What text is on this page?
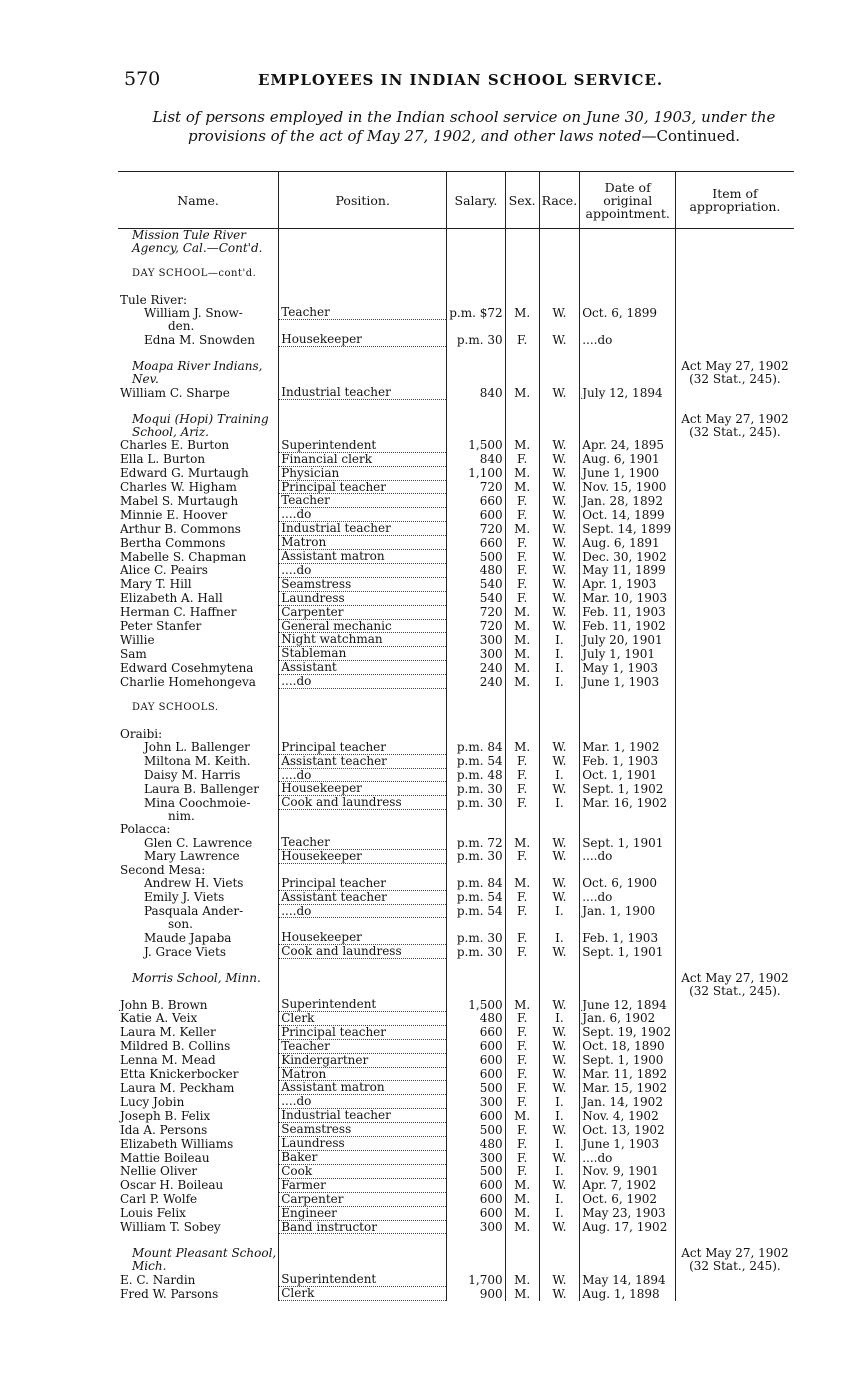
570	EMPLOYEES IN INDIAN SCHOOL SERVICE.
List of persons employed in the Indian school service on June 30, 1903, under the provisions of the act of May 27, 1902, and other laws noted—Continued.
Name.	Position.	Salary.	Sex.	Race.	Date of original appointment.	Item of appropriation.
Mission Tule River						
Agency, Cal.—Cont'd.						

DAY SCHOOL—cont'd.						

Tule River:						
William J. Snow-	Teacher	p.m. $72	M.	W.	Oct. 6, 1899	
den.						
Edna M. Snowden	Housekeeper	p.m. 30	F.	W.	....do	

Moapa River Indians,						Act May 27, 1902
Nev.						(32 Stat., 245).
William C. Sharpe	Industrial teacher	840	M.	W.	July 12, 1894	

Moqui (Hopi) Training						Act May 27, 1902
School, Ariz.						(32 Stat., 245).
Charles E. Burton	Superintendent	1,500	M.	W.	Apr. 24, 1895	
Ella L. Burton	Financial clerk	840	F.	W.	Aug. 6, 1901	
Edward G. Murtaugh	Physician	1,100	M.	W.	June 1, 1900	
Charles W. Higham	Principal teacher	720	M.	W.	Nov. 15, 1900	
Mabel S. Murtaugh	Teacher	660	F.	W.	Jan. 28, 1892	
Minnie E. Hoover	....do	600	F.	W.	Oct. 14, 1899	
Arthur B. Commons	Industrial teacher	720	M.	W.	Sept. 14, 1899	
Bertha Commons	Matron	660	F.	W.	Aug. 6, 1891	
Mabelle S. Chapman	Assistant matron	500	F.	W.	Dec. 30, 1902	
Alice C. Peairs	....do	480	F.	W.	May 11, 1899	
Mary T. Hill	Seamstress	540	F.	W.	Apr. 1, 1903	
Elizabeth A. Hall	Laundress	540	F.	W.	Mar. 10, 1903	
Herman C. Haffner	Carpenter	720	M.	W.	Feb. 11, 1903	
Peter Stanfer	General mechanic	720	M.	W.	Feb. 11, 1902	
Willie	Night watchman	300	M.	I.	July 20, 1901	
Sam	Stableman	300	M.	I.	July 1, 1901	
Edward Cosehmytena	Assistant	240	M.	I.	May 1, 1903	
Charlie Homehongeva	....do	240	M.	I.	June 1, 1903	

DAY SCHOOLS.						

Oraibi:						
John L. Ballenger	Principal teacher	p.m. 84	M.	W.	Mar. 1, 1902	
Miltona M. Keith.	Assistant teacher	p.m. 54	F.	W.	Feb. 1, 1903	
Daisy M. Harris	....do	p.m. 48	F.	I.	Oct. 1, 1901	
Laura B. Ballenger	Housekeeper	p.m. 30	F.	W.	Sept. 1, 1902	
Mina Coochmoie-	Cook and laundress	p.m. 30	F.	I.	Mar. 16, 1902	
nim.						
Polacca:						
Glen C. Lawrence	Teacher	p.m. 72	M.	W.	Sept. 1, 1901	
Mary Lawrence	Housekeeper	p.m. 30	F.	W.	....do	
Second Mesa:						
Andrew H. Viets	Principal teacher	p.m. 84	M.	W.	Oct. 6, 1900	
Emily J. Viets	Assistant teacher	p.m. 54	F.	W.	....do	
Pasquala Ander-	....do	p.m. 54	F.	I.	Jan. 1, 1900	
son.						
Maude Japaba	Housekeeper	p.m. 30	F.	I.	Feb. 1, 1903	
J. Grace Viets	Cook and laundress	p.m. 30	F.	W.	Sept. 1, 1901	

Morris School, Minn.						Act May 27, 1902
						(32 Stat., 245).
John B. Brown	Superintendent	1,500	M.	W.	June 12, 1894	
Katie A. Veix	Clerk	480	F.	I.	Jan. 6, 1902	
Laura M. Keller	Principal teacher	660	F.	W.	Sept. 19, 1902	
Mildred B. Collins	Teacher	600	F.	W.	Oct. 18, 1890	
Lenna M. Mead	Kindergartner	600	F.	W.	Sept. 1, 1900	
Etta Knickerbocker	Matron	600	F.	W.	Mar. 11, 1892	
Laura M. Peckham	Assistant matron	500	F.	W.	Mar. 15, 1902	
Lucy Jobin	....do	300	F.	I.	Jan. 14, 1902	
Joseph B. Felix	Industrial teacher	600	M.	I.	Nov. 4, 1902	
Ida A. Persons	Seamstress	500	F.	W.	Oct. 13, 1902	
Elizabeth Williams	Laundress	480	F.	I.	June 1, 1903	
Mattie Boileau	Baker	300	F.	W.	....do	
Nellie Oliver	Cook	500	F.	I.	Nov. 9, 1901	
Oscar H. Boileau	Farmer	600	M.	W.	Apr. 7, 1902	
Carl P. Wolfe	Carpenter	600	M.	I.	Oct. 6, 1902	
Louis Felix	Engineer	600	M.	I.	May 23, 1903	
William T. Sobey	Band instructor	300	M.	W.	Aug. 17, 1902	

Mount Pleasant School,						Act May 27, 1902
Mich.						(32 Stat., 245).
E. C. Nardin	Superintendent	1,700	M.	W.	May 14, 1894	
Fred W. Parsons	Clerk	900	M.	W.	Aug. 1, 1898	
